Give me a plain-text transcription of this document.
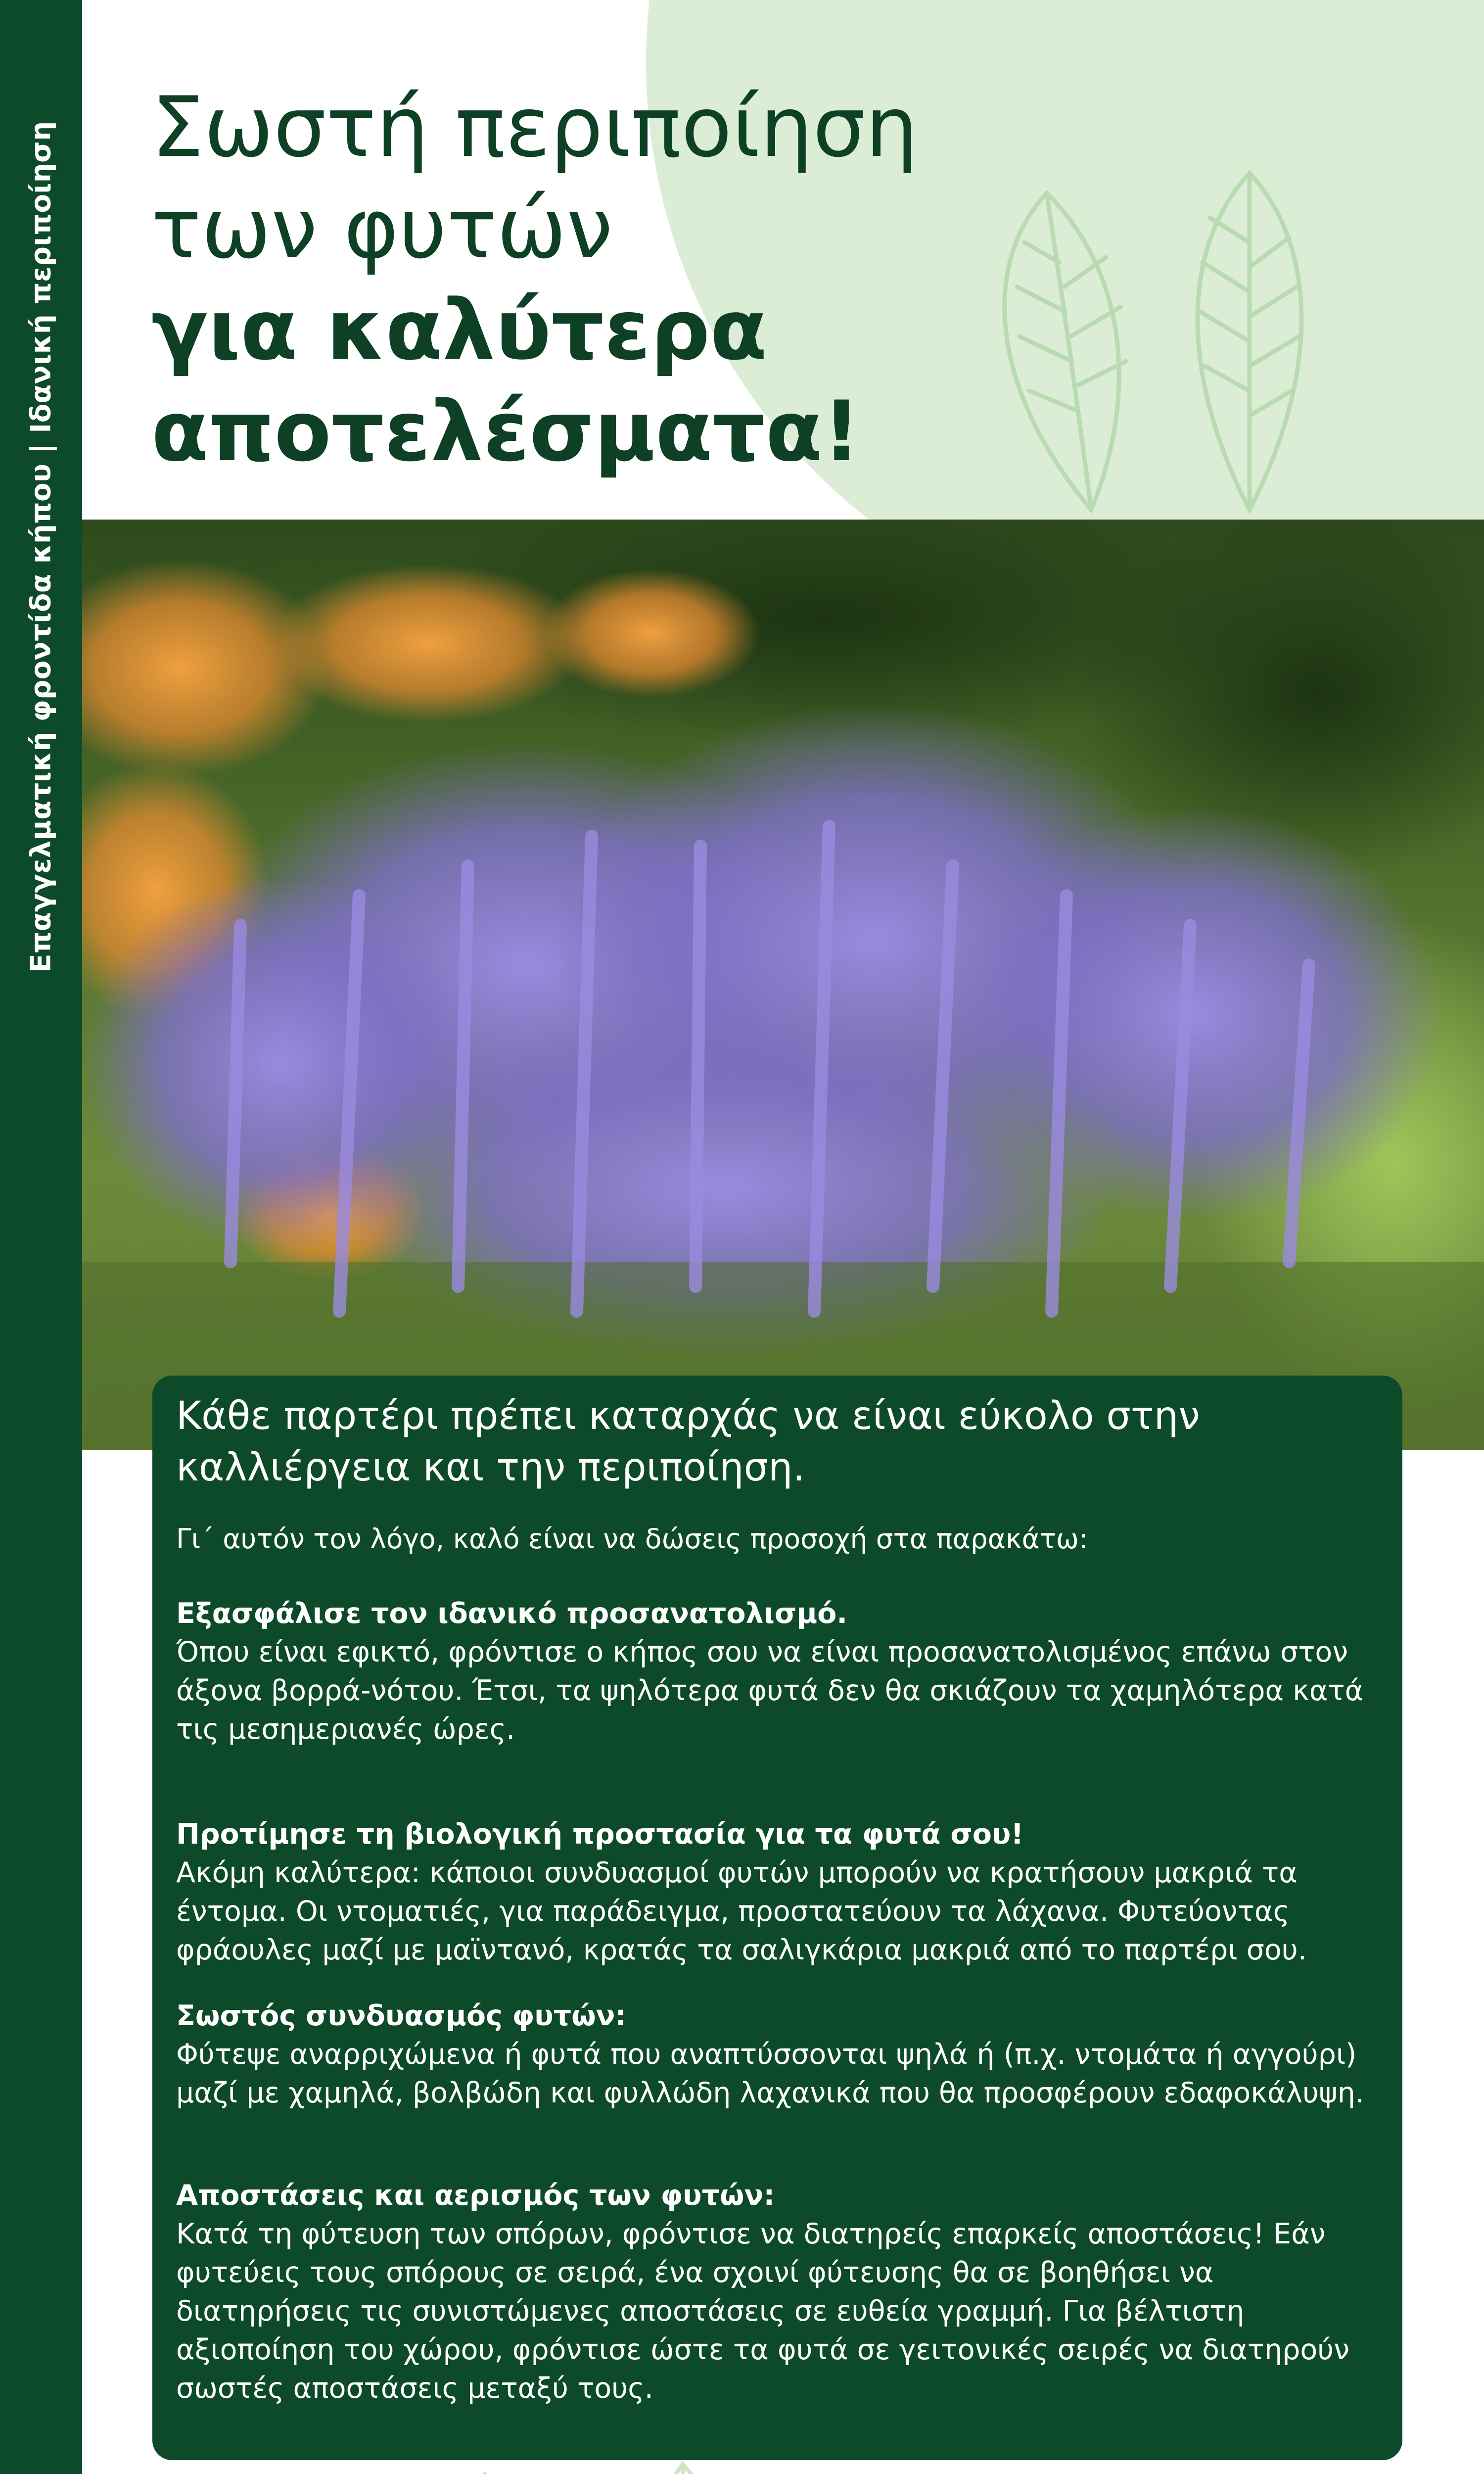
Επαγγελματική φροντίδα κήπου | Ιδανική περιποίηση Σωστή περιποίηση
των φυτών
για καλύτερα
αποτελέσματα!

Κάθε παρτέρι πρέπει καταρχάς να είναι εύκολο στην καλλιέργεια και την περιποίηση.

Γι΄ αυτόν τον λόγο, καλό είναι να δώσεις προσοχή στα παρακάτω:

Εξασφάλισε τον ιδανικό προσανατολισμό.

Όπου είναι εφικτό, φρόντισε ο κήπος σου να είναι προσανατολισμένος επάνω στον άξονα βορρά-νότου. Έτσι, τα ψηλότερα φυτά δεν θα σκιάζουν τα χαμηλότερα κατά τις μεσημεριανές ώρες.

Προτίμησε τη βιολογική προστασία για τα φυτά σου!

Ακόμη καλύτερα: κάποιοι συνδυασμοί φυτών μπορούν να κρατήσουν μακριά τα έντομα. Οι ντοματιές, για παράδειγμα, προστατεύουν τα λάχανα. Φυτεύοντας φράουλες μαζί με μαϊντανό, κρατάς τα σαλιγκάρια μακριά από το παρτέρι σου.

Σωστός συνδυασμός φυτών:

Φύτεψε αναρριχώμενα ή φυτά που αναπτύσσονται ψηλά ή (π.χ. ντομάτα ή αγγούρι) μαζί με χαμηλά, βολβώδη και φυλλώδη λαχανικά που θα προσφέρουν εδαφοκάλυψη.

Αποστάσεις και αερισμός των φυτών:

Κατά τη φύτευση των σπόρων, φρόντισε να διατηρείς επαρκείς αποστάσεις! Εάν φυτεύεις τους σπόρους σε σειρά, ένα σχοινί φύτευσης θα σε βοηθήσει να διατηρήσεις τις συνιστώμενες αποστάσεις σε ευθεία γραμμή. Για βέλτιστη αξιοποίηση του χώρου, φρόντισε ώστε τα φυτά σε γειτονικές σειρές να διατηρούν σωστές αποστάσεις μεταξύ τους.
